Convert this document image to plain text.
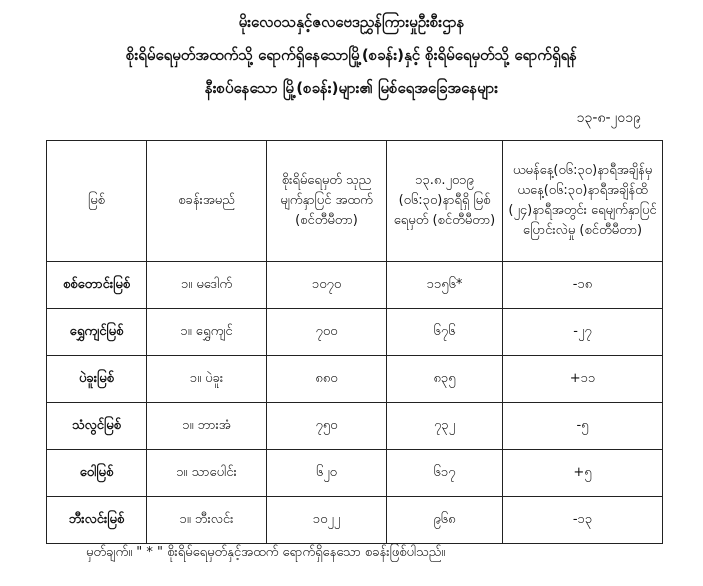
မိုးလေဝသနှင့်ဇလဗေဒညွှန်ကြားမှုဦးစီးဌာန
စိုးရိမ်ရေမှတ်အထက်သို့ ရောက်ရှိနေသောမြို့(စခန်း)နှင့် စိုးရိမ်ရေမှတ်သို့ ရောက်ရှိရန်
နီးစပ်နေသော မြို့(စခန်း)များ၏ မြစ်ရေအခြေအနေများ
၁၃-၈-၂၀၁၉
မြစ်	စခန်းအမည်	စိုးရိမ်ရေမှတ် သုညမျက်နှာပြင် အထက် (စင်တီမီတာ)	၁၃.၈.၂၀၁၉ (၀၆:၃၀)နာရီရှိ မြစ်ရေမှတ် (စင်တီမီတာ)	ယမန်နေ့(၀၆:၃၀)နာရီအချိန်မှ ယနေ့(၀၆:၃၀)နာရီအချိန်ထိ (၂၄)နာရီအတွင်း ရေမျက်နှာပြင်ပြောင်းလဲမှု (စင်တီမီတာ)
စစ်တောင်းမြစ်	၁။ မဒေါက်	၁၀၇၀	၁၁၅၆*	-၁၈
ရွှေကျင်မြစ်	၁။ ရွှေကျင်	၇၀၀	၆၇၆	-၂၇
ပဲခူးမြစ်	၁။ ပဲခူး	၈၈၀	၈၃၅	+၁၁
သံလွင်မြစ်	၁။ ဘားအံ	၇၅၀	၇၃၂	-၅
ဝေါမြစ်	၁။ သာပေါင်း	၆၂၀	၆၁၇	+၅
ဘီးလင်းမြစ်	၁။ ဘီးလင်း	၁၀၂၂	၉၆၈	-၁၃
မှတ်ချက်။ " * " စိုးရိမ်ရေမှတ်နှင့်အထက် ရောက်ရှိနေသော စခန်းဖြစ်ပါသည်။
